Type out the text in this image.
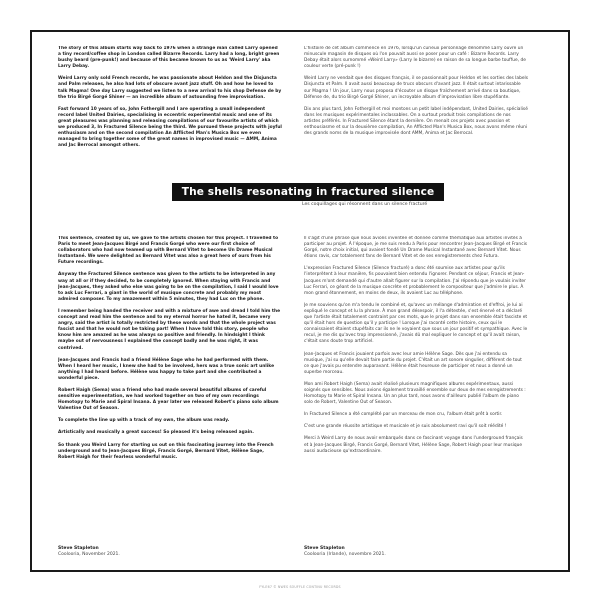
The story of this album starts way back to 1976 when a strange man called Larry opened a tiny record/coffee shop in London called Bizarre Records. Larry had a long, bright green bushy beard (pre-punk!) and because of this became known to us as 'Weird Larry' aka Larry Debay.

Weird Larry only sold French records, he was passionate about Heldon and the Disjuncta and Palm releases, he also had lots of obscure avant jazz stuff. Oh and how he loved to talk Magma! One day Larry suggested we listen to a new arrival to his shop Defense de by the trio Birgé Gorgé Shiner — an incredible album of astounding free improvisation.

Fast forward 10 years of so, John Fothergill and I are operating a small independent record label United Dairies, specialising in eccentric experimental music and one of its great pleasures was planning and releasing compilations of our favourite artists of which we produced 3, In Fractured Silence being the third. We pursued these projects with joyful enthusiasm and on the second compilation An Afflicted Man's Musica Box we even managed to bring together some of the great names in improvised music — AMM, Anima and Jac Berrocal amongst others.

L'histoire de cet album commence en 1976, lorsqu'un curieux personnage dénommé Larry ouvre un minuscule magasin de disques où l'on pouvait aussi se poser pour un café : Bizarre Records. Larry Debay était alors surnommé «Weird Larry» (Larry le bizarre) en raison de sa longue barbe touffue, de couleur verte (pré-punk !)

Weird Larry ne vendait que des disques français, il se passionnait pour Heldon et les sorties des labels Disjuncta et Palm. Il avait aussi beaucoup de trucs obscurs d'avant jazz. Il était surtout intarissable sur Magma ! Un jour, Larry nous proposa d'écouter un disque fraîchement arrivé dans sa boutique, Défense de, du trio Birgé Gorgé Shiner, un incroyable album d'improvisation libre stupéfiante.

Dix ans plus tard, John Fothergill et moi montons un petit label indépendant, United Dairies, spécialisé dans les musiques expérimentales inclassables. On a surtout produit trois compilations de nos artistes préférés. In Fractured Silence étant la dernière. On menait ces projets avec passion et enthousiasme et sur la deuxième compilation, An Afflicted Man's Musica Box, nous avons même réuni des grands noms de la musique improvisée dont AMM, Anima et Jac Berrocal.

The shells resonating in fractured silence
Les coquillages qui résonnent dans un silence fracturé

This sentence, created by us, we gave to the artists chosen for this project. I travelled to Paris to meet Jean-Jacques Birgé and Francis Gorgé who were our first choice of collaborators who had now teamed up with Bernard Vitet to become Un Drame Musical Instantané. We were delighted as Bernard Vitet was also a great hero of ours from his Future recordings.

Anyway the Fractured Silence sentence was given to the artists to be interpreted in any way at all or if they decided, to be completely ignored. When staying with Francis and Jean-Jacques, they asked who else was going to be on the compilation, I said I would love to ask Luc Ferrari, a giant in the world of musique concrete and probably my most admired composer. To my amazement within 5 minutes, they had Luc on the phone.

I remember being handed the receiver and with a mixture of awe and dread I told him the concept and read him the sentence and to my eternal horror he hated it, became very angry, said the artist is totally restricted by these words and that the whole project was fascist and that he would not be taking part! When I have told this story, people who know him are amazed as he was always so positive and friendly. In hindsight I think maybe out of nervousness I explained the concept badly and he was right, it was contrived.

Jean-Jacques and Francis had a friend Hélène Sage who he had performed with them. When I heard her music, I knew she had to be involved, hers was a true sonic art unlike anything I had heard before. Hélène was happy to take part and she contributed a wonderful piece.

Robert Haigh (Sema) was a friend who had made several beautiful albums of careful sensitive experimentation, we had worked together on two of my own recordings Homotopy to Marie and Spiral Insana. A year later we released Robert's piano solo album Valentine Out of Season.

To complete the line up with a track of my own, the album was ready.

Artistically and musically a great success! So pleased it's being released again.

So thank you Weird Larry for starting us out on this fascinating journey into the French underground and to Jean-Jacques Birgé, Francis Gorgé, Bernard Vitet, Hélène Sage, Robert Haigh for their fearless wonderful music.

Il s'agit d'une phrase que nous avions inventée et donnée comme thématique aux artistes invités à participer au projet. À l'époque, je me suis rendu à Paris pour rencontrer Jean-Jacques Birgé et Francis Gorgé, notre choix initial, qui avaient fondé Un Drame Musical Instantané avec Bernard Vitet. Nous étions ravis, car totalement fans de Bernard Vitet et de ses enregistrements chez Futura.

L'expression Fractured Silence (Silence fracturé) a donc été soumise aux artistes pour qu'ils l'interprètent à leur manière, fis pouvaient bien entendu l'ignorer. Pendant ce séjour, Francis et Jean-Jacques m'ont demandé qui d'autre allait figurer sur la compilation. J'ai répondu que je voulais inviter Luc Ferrari, ce géant de la musique concrète et probablement le compositeur que j'admire le plus. À mon grand étonnement, en moins de deux, ils avaient Luc au téléphone.

Je me souviens qu'on m'a tendu le combiné et, qu'avec un mélange d'admiration et d'effroi, je lui ai expliqué le concept et lu la phrase. À mon grand désespoir, il l'a détestée, s'est énervé et a déclaré que l'artiste était totalement contraint par ces mots, que le projet dans son ensemble était fasciste et qu'il était hors de question qu'il y participe ! Lorsque j'ai raconté cette histoire, ceux qui le connaissaient étaient stupéfaits car ils ne le voyaient que sous un jour positif et sympathique. Avec le recul, je me dis qu'avec trop impressionné, j'avais dû mal expliquer le concept et qu'il avait raison, c'était sans doute trop artificiel.

Jean-Jacques et Francis jouaient parfois avec leur amie Hélène Sage. Dès que j'ai entendu sa musique, j'ai su qu'elle devait faire partie du projet. C'était un art sonore singulier, différent de tout ce que j'avais pu entendre auparavant. Hélène était heureuse de participer et nous a donné un superbe morceau.

Mon ami Robert Haigh (Sema) avait réalisé plusieurs magnifiques albums expérimentaux, aussi soignés que sensibles. Nous avions également travaillé ensemble sur deux de mes enregistrements : Homotopy to Marie et Spiral Insana. Un an plus tard, nous avons d'ailleurs publié l'album de piano solo de Robert, Valentine Out of Season.

In Fractured Silence a été complété par un morceau de mon cru, l'album était prêt à sortir.

C'est une grande réussite artistique et musicale et je suis absolument ravi qu'il soit réédité !

Merci à Weird Larry de nous avoir embarqués dans ce fascinant voyage dans l'underground français et à Jean-Jacques Birgé, Francis Gorgé, Bernard Vitet, Hélène Sage, Robert Haigh pour leur musique aussi audacieuse qu'extraordinaire.

Steve Stapleton
Coolooria, November 2021.
Steve Stapleton
Coolooria (Irlande), novembre 2021.
FYLE67 © NWES SOUFFLE CONTINU RECORDS
